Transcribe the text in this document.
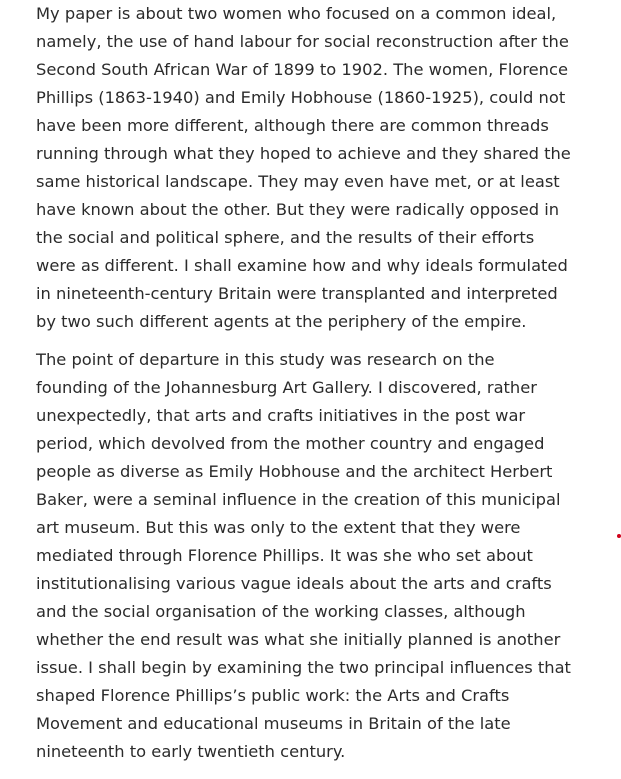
My paper is about two women who focused on a common ideal,
namely, the use of hand labour for social reconstruction after the
Second South African War of 1899 to 1902. The women, Florence
Phillips (1863-1940) and Emily Hobhouse (1860-1925), could not
have been more different, although there are common threads
running through what they hoped to achieve and they shared the
same historical landscape. They may even have met, or at least
have known about the other. But they were radically opposed in
the social and political sphere, and the results of their efforts
were as different. I shall examine how and why ideals formulated
in nineteenth-century Britain were transplanted and interpreted
by two such different agents at the periphery of the empire.

The point of departure in this study was research on the
founding of the Johannesburg Art Gallery. I discovered, rather
unexpectedly, that arts and crafts initiatives in the post war
period, which devolved from the mother country and engaged
people as diverse as Emily Hobhouse and the architect Herbert
Baker, were a seminal influence in the creation of this municipal
art museum. But this was only to the extent that they were
mediated through Florence Phillips. It was she who set about
institutionalising various vague ideals about the arts and crafts
and the social organisation of the working classes, although
whether the end result was what she initially planned is another
issue. I shall begin by examining the two principal influences that
shaped Florence Phillips’s public work: the Arts and Crafts
Movement and educational museums in Britain of the late
nineteenth to early twentieth century.
